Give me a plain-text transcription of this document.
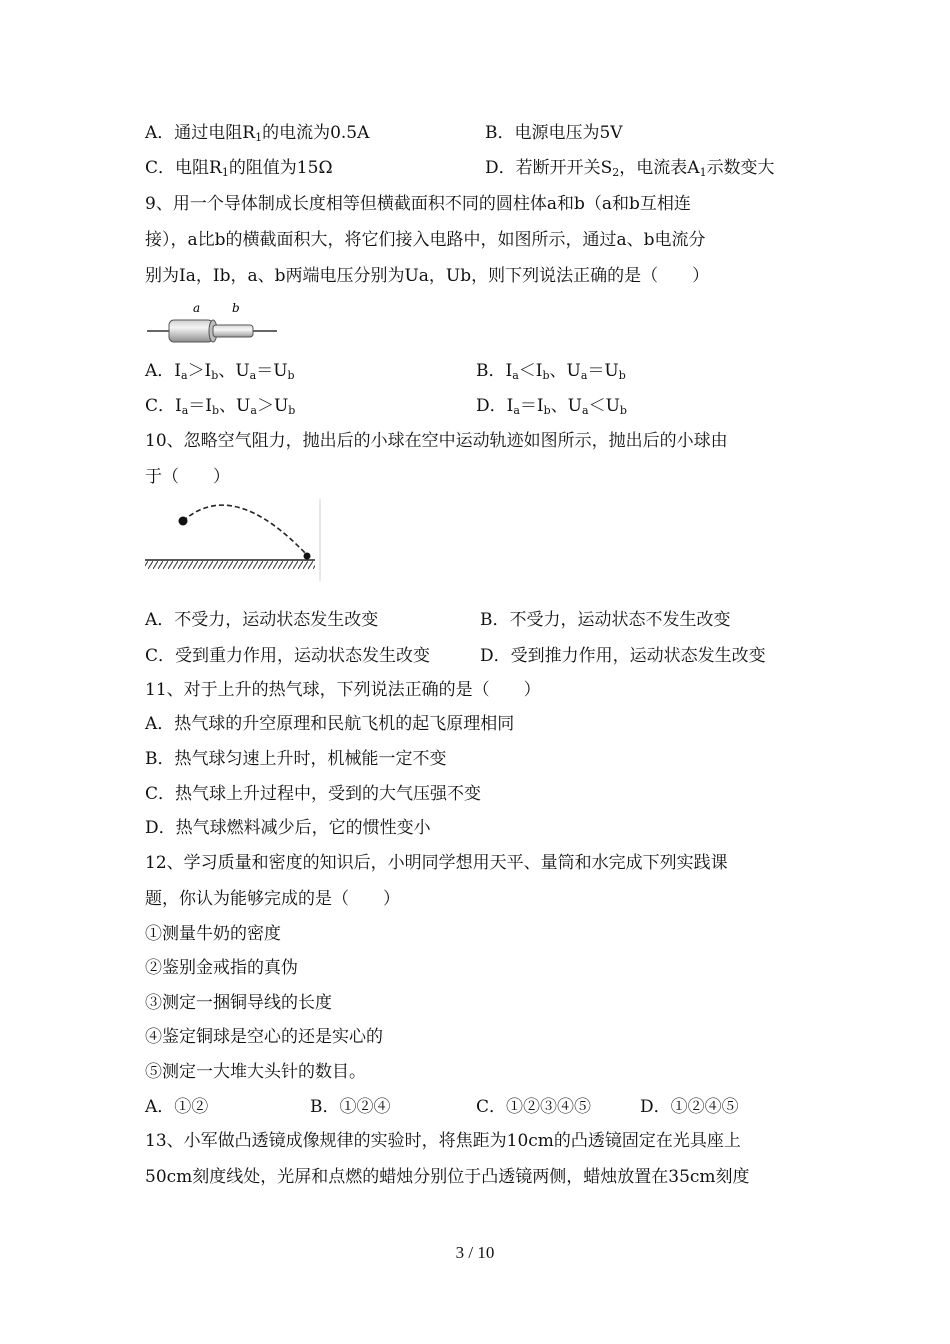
A．通过电阻$R_1$的电流为0.5A	B．电源电压为5V
C．电阻$R_1$的阻值为15Ω	D．若断开开关$S_2$，电流表$A_1$示数变大
9、用一个导体制成长度相等但横截面积不同的圆柱体a和b（a和b互相连
接），a比b的横截面积大，将它们接入电路中，如图所示，通过a、b电流分
别为Ia，Ib，a、b两端电压分别为Ua，Ub，则下列说法正确的是（　　）
a	b
A．$I_a>I_b$、$U_a=U_b$	B．$I_a<I_b$、$U_a=U_b$
C．$I_a=I_b$、$U_a>U_b$	D．$I_a=I_b$、$U_a<U_b$
10、忽略空气阻力，抛出后的小球在空中运动轨迹如图所示，抛出后的小球由
于（　　）
A．不受力，运动状态发生改变	B．不受力，运动状态不发生改变
C．受到重力作用，运动状态发生改变	D．受到推力作用，运动状态发生改变
11、对于上升的热气球，下列说法正确的是（　　）
A．热气球的升空原理和民航飞机的起飞原理相同
B．热气球匀速上升时，机械能一定不变
C．热气球上升过程中，受到的大气压强不变
D．热气球燃料减少后，它的惯性变小
12、学习质量和密度的知识后，小明同学想用天平、量筒和水完成下列实践课
题，你认为能够完成的是（　　）
①测量牛奶的密度
②鉴别金戒指的真伪
③测定一捆铜导线的长度
④鉴定铜球是空心的还是实心的
⑤测定一大堆大头针的数目。
A．①②	B．①②④	C．①②③④⑤	D．①②④⑤
13、小军做凸透镜成像规律的实验时，将焦距为10cm的凸透镜固定在光具座上
50cm刻度线处，光屏和点燃的蜡烛分别位于凸透镜两侧，蜡烛放置在35cm刻度
3 / 10
